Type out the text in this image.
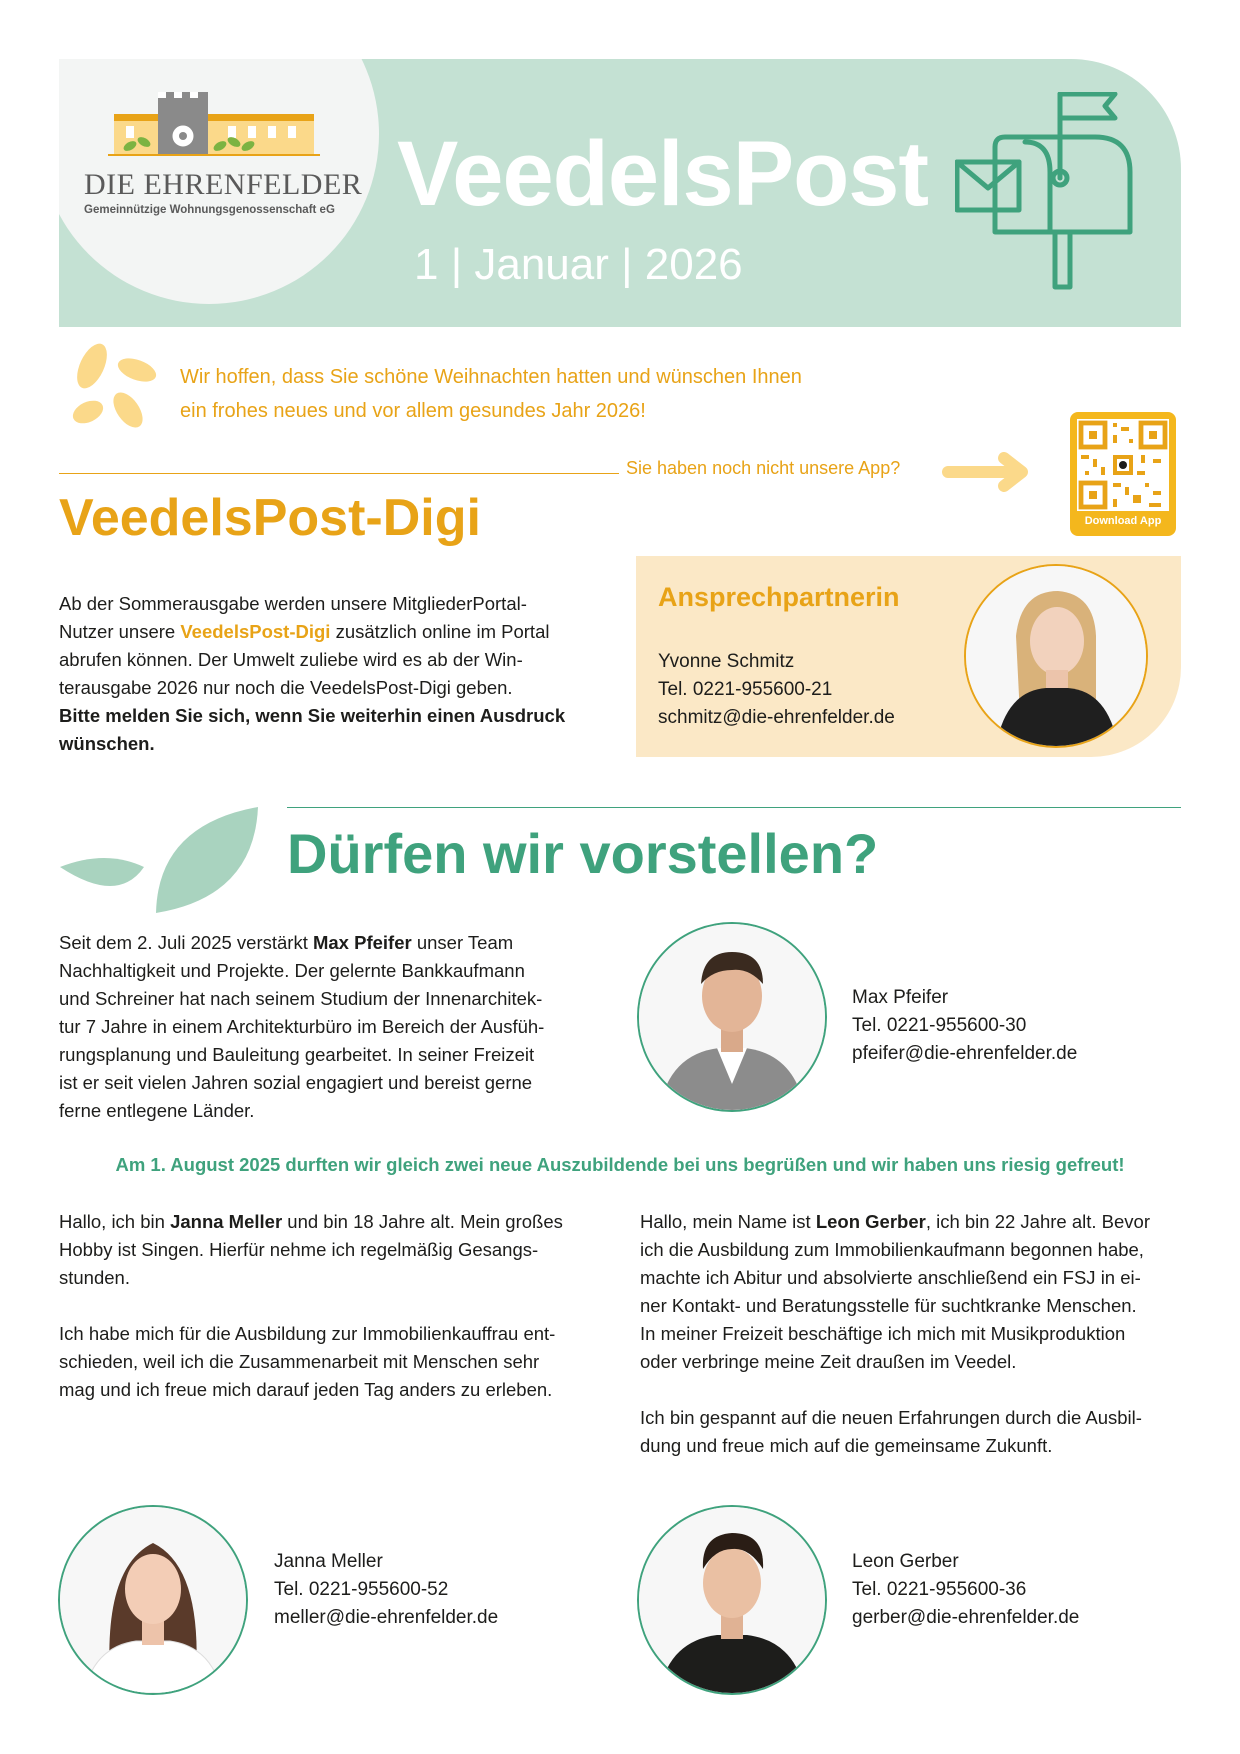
DIE EHRENFELDER
Gemeinnützige Wohnungsgenossenschaft eG VeedelsPost
1 | Januar | 2026

Wir hoffen, dass Sie schöne Weihnachten hatten und wünschen Ihnen

ein frohes neues und vor allem gesundes Jahr 2026!

Sie haben noch nicht unsere App?
Download App
VeedelsPost-Digi

Ab der Sommerausgabe werden unsere MitgliederPortal-

Nutzer unsere VeedelsPost-Digi zusätzlich online im Portal

abrufen können. Der Umwelt zuliebe wird es ab der Win-

terausgabe 2026 nur noch die VeedelsPost-Digi geben.

Bitte melden Sie sich, wenn Sie weiterhin einen Ausdruck

wünschen.

Ansprechpartnerin

Yvonne Schmitz

Tel. 0221-955600-21

schmitz@die-ehrenfelder.de

Dürfen wir vorstellen?

Seit dem 2. Juli 2025 verstärkt Max Pfeifer unser Team

Nachhaltigkeit und Projekte. Der gelernte Bankkaufmann

und Schreiner hat nach seinem Studium der Innenarchitek-

tur 7 Jahre in einem Architekturbüro im Bereich der Ausfüh-

rungsplanung und Bauleitung gearbeitet. In seiner Freizeit

ist er seit vielen Jahren sozial engagiert und bereist gerne

ferne entlegene Länder.

Max Pfeifer

Tel. 0221-955600-30

pfeifer@die-ehrenfelder.de

Am 1. August 2025 durften wir gleich zwei neue Auszubildende bei uns begrüßen und wir haben uns riesig gefreut!

Hallo, ich bin Janna Meller und bin 18 Jahre alt. Mein großes

Hobby ist Singen. Hierfür nehme ich regelmäßig Gesangs-

stunden.

Ich habe mich für die Ausbildung zur Immobilienkauffrau ent-

schieden, weil ich die Zusammenarbeit mit Menschen sehr

mag und ich freue mich darauf jeden Tag anders zu erleben.

Hallo, mein Name ist Leon Gerber, ich bin 22 Jahre alt. Bevor

ich die Ausbildung zum Immobilienkaufmann begonnen habe,

machte ich Abitur und absolvierte anschließend ein FSJ in ei-

ner Kontakt- und Beratungsstelle für suchtkranke Menschen.

In meiner Freizeit beschäftige ich mich mit Musikproduktion

oder verbringe meine Zeit draußen im Veedel.

Ich bin gespannt auf die neuen Erfahrungen durch die Ausbil-

dung und freue mich auf die gemeinsame Zukunft.

Janna Meller

Tel. 0221-955600-52

meller@die-ehrenfelder.de

Leon Gerber

Tel. 0221-955600-36

gerber@die-ehrenfelder.de
